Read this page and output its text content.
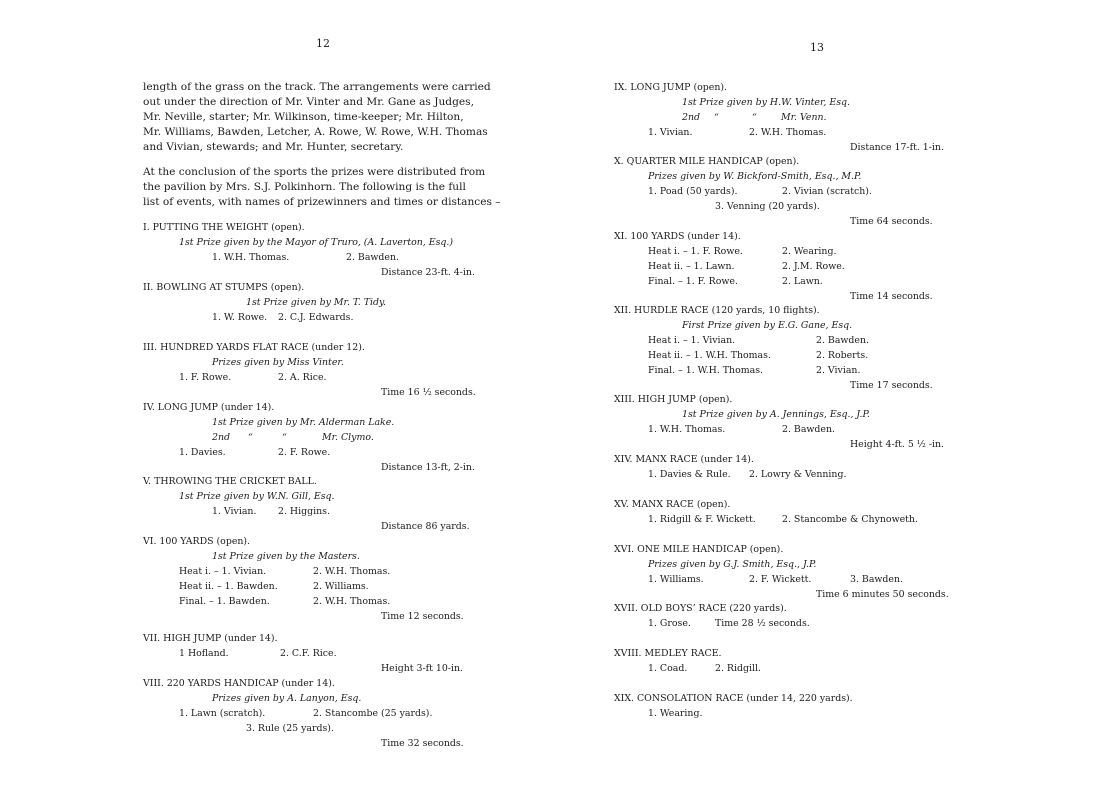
12
length of the grass on the track. The arrangements were carried
out under the direction of Mr. Vinter and Mr. Gane as Judges,
Mr. Neville, starter; Mr. Wilkinson, time-keeper; Mr. Hilton,
Mr. Williams, Bawden, Letcher, A. Rowe, W. Rowe, W.H. Thomas
and Vivian, stewards; and Mr. Hunter, secretary.
At the conclusion of the sports the prizes were distributed from
the pavilion by Mrs. S.J. Polkinhorn. The following is the full
list of events, with names of prizewinners and times or distances –
I. PUTTING THE WEIGHT (open).
1st Prize given by the Mayor of Truro, (A. Laverton, Esq.)
1. W.H. Thomas.	2. Bawden.
Distance 23-ft. 4-in.
II. BOWLING AT STUMPS (open).
1st Prize given by Mr. T. Tidy.
1. W. Rowe. 2. C.J. Edwards.
III. HUNDRED YARDS FLAT RACE (under 12).
Prizes given by Miss Vinter.
1. F. Rowe.	2. A. Rice.
Time 16 ½ seconds.
IV. LONG JUMP (under 14).
1st Prize given by Mr. Alderman Lake.
2nd “	“	Mr. Clymo.
1. Davies.	2. F. Rowe.
Distance 13-ft, 2-in.
V. THROWING THE CRICKET BALL.
1st Prize given by W.N. Gill, Esq.
1. Vivian. 2. Higgins.
Distance 86 yards.
VI. 100 YARDS (open).
1st Prize given by the Masters.
Heat i. – 1. Vivian.	2. W.H. Thomas.
Heat ii. – 1. Bawden.	2. Williams.
Final. – 1. Bawden.	2. W.H. Thomas.
Time 12 seconds.
VII. HIGH JUMP (under 14).
1 Hofland.	2. C.F. Rice.
Height 3-ft 10-in.
VIII. 220 YARDS HANDICAP (under 14).
Prizes given by A. Lanyon, Esq.
1. Lawn (scratch).	2. Stancombe (25 yards).
3. Rule (25 yards).
Time 32 seconds.
13
IX. LONG JUMP (open).
1st Prize given by H.W. Vinter, Esq.
2nd “	“	Mr. Venn.
1. Vivian.	2. W.H. Thomas.
Distance 17-ft. 1-in.
X. QUARTER MILE HANDICAP (open).
Prizes given by W. Bickford-Smith, Esq., M.P.
1. Poad (50 yards).	2. Vivian (scratch).
3. Venning (20 yards).
Time 64 seconds.
XI. 100 YARDS (under 14).
Heat i. – 1. F. Rowe.	2. Wearing.
Heat ii. – 1. Lawn.	2. J.M. Rowe.
Final. – 1. F. Rowe.	2. Lawn.
Time 14 seconds.
XII. HURDLE RACE (120 yards, 10 flights).
First Prize given by E.G. Gane, Esq.
Heat i. – 1. Vivian.	2. Bawden.
Heat ii. – 1. W.H. Thomas.	2. Roberts.
Final. – 1. W.H. Thomas.	2. Vivian.
Time 17 seconds.
XIII. HIGH JUMP (open).
1st Prize given by A. Jennings, Esq., J.P.
1. W.H. Thomas.	2. Bawden.
Height 4-ft. 5 ½ -in.
XIV. MANX RACE (under 14).
1. Davies & Rule. 2. Lowry & Venning.
XV. MANX RACE (open).
1. Ridgill & F. Wickett.	2. Stancombe & Chynoweth.
XVI. ONE MILE HANDICAP (open).
Prizes given by G.J. Smith, Esq., J.P.
1. Williams.	2. F. Wickett.	3. Bawden.
Time 6 minutes 50 seconds.
XVII. OLD BOYS’ RACE (220 yards).
1. Grose.	Time 28 ½ seconds.
XVIII. MEDLEY RACE.
1. Coad.	2. Ridgill.
XIX. CONSOLATION RACE (under 14, 220 yards).
1. Wearing.
